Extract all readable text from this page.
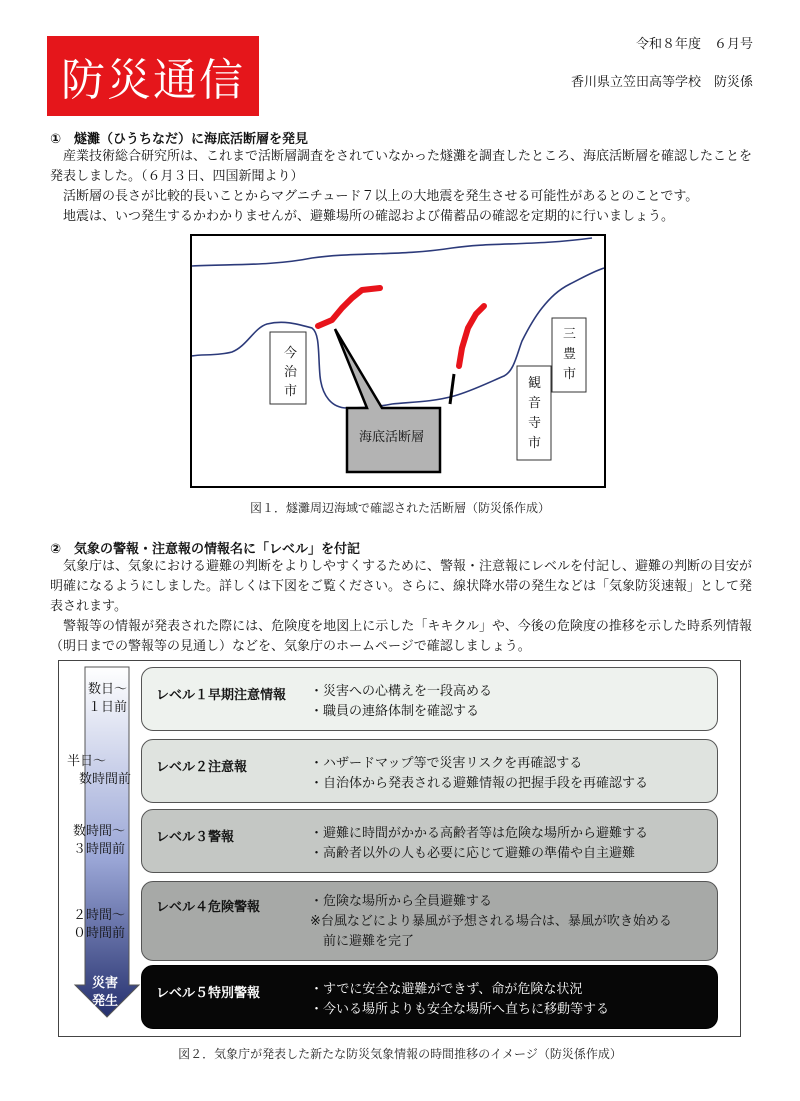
防災通信
令和８年度　６月号
香川県立笠田高等学校　防災係
①　燧灘（ひうちなだ）に海底活断層を発見

産業技術総合研究所は、これまで活断層調査をされていなかった燧灘を調査したところ、海底活断層を確認したことを発表しました。（６月３日、四国新聞より）

活断層の長さが比較的長いことからマグニチュード７以上の大地震を発生させる可能性があるとのことです。

地震は、いつ発生するかわかりませんが、避難場所の確認および備蓄品の確認を定期的に行いましょう。

今治市
三豊市
観音寺市
海底活断層
図１．燧灘周辺海域で確認された活断層（防災係作成）
②　気象の警報・注意報の情報名に「レベル」を付記

気象庁は、気象における避難の判断をよりしやすくするために、警報・注意報にレベルを付記し、避難の判断の目安が明確になるようにしました。詳しくは下図をご覧ください。さらに、線状降水帯の発生などは「気象防災速報」として発表されます。

警報等の情報が発表された際には、危険度を地図上に示した「キキクル」や、今後の危険度の推移を示した時系列情報（明日までの警報等の見通し）などを、気象庁のホームページで確認しましょう。

数日～
１日前
半日～
数時間前
数時間～
３時間前
２時間～
０時間前
災害
発生
レベル１早期注意情報 ・災害への心構えを一段高める
・職員の連絡体制を確認する
レベル２注意報	・ハザードマップ等で災害リスクを再確認する
・自治体から発表される避難情報の把握手段を再確認する
レベル３警報	・避難に時間がかかる高齢者等は危険な場所から避難する
・高齢者以外の人も必要に応じて避難の準備や自主避難
レベル４危険警報	・危険な場所から全員避難する
※台風などにより暴風が予想される場合は、暴風が吹き始める
　前に避難を完了
レベル５特別警報	・すでに安全な避難ができず、命が危険な状況
・今いる場所よりも安全な場所へ直ちに移動等する
図２．気象庁が発表した新たな防災気象情報の時間推移のイメージ（防災係作成）
